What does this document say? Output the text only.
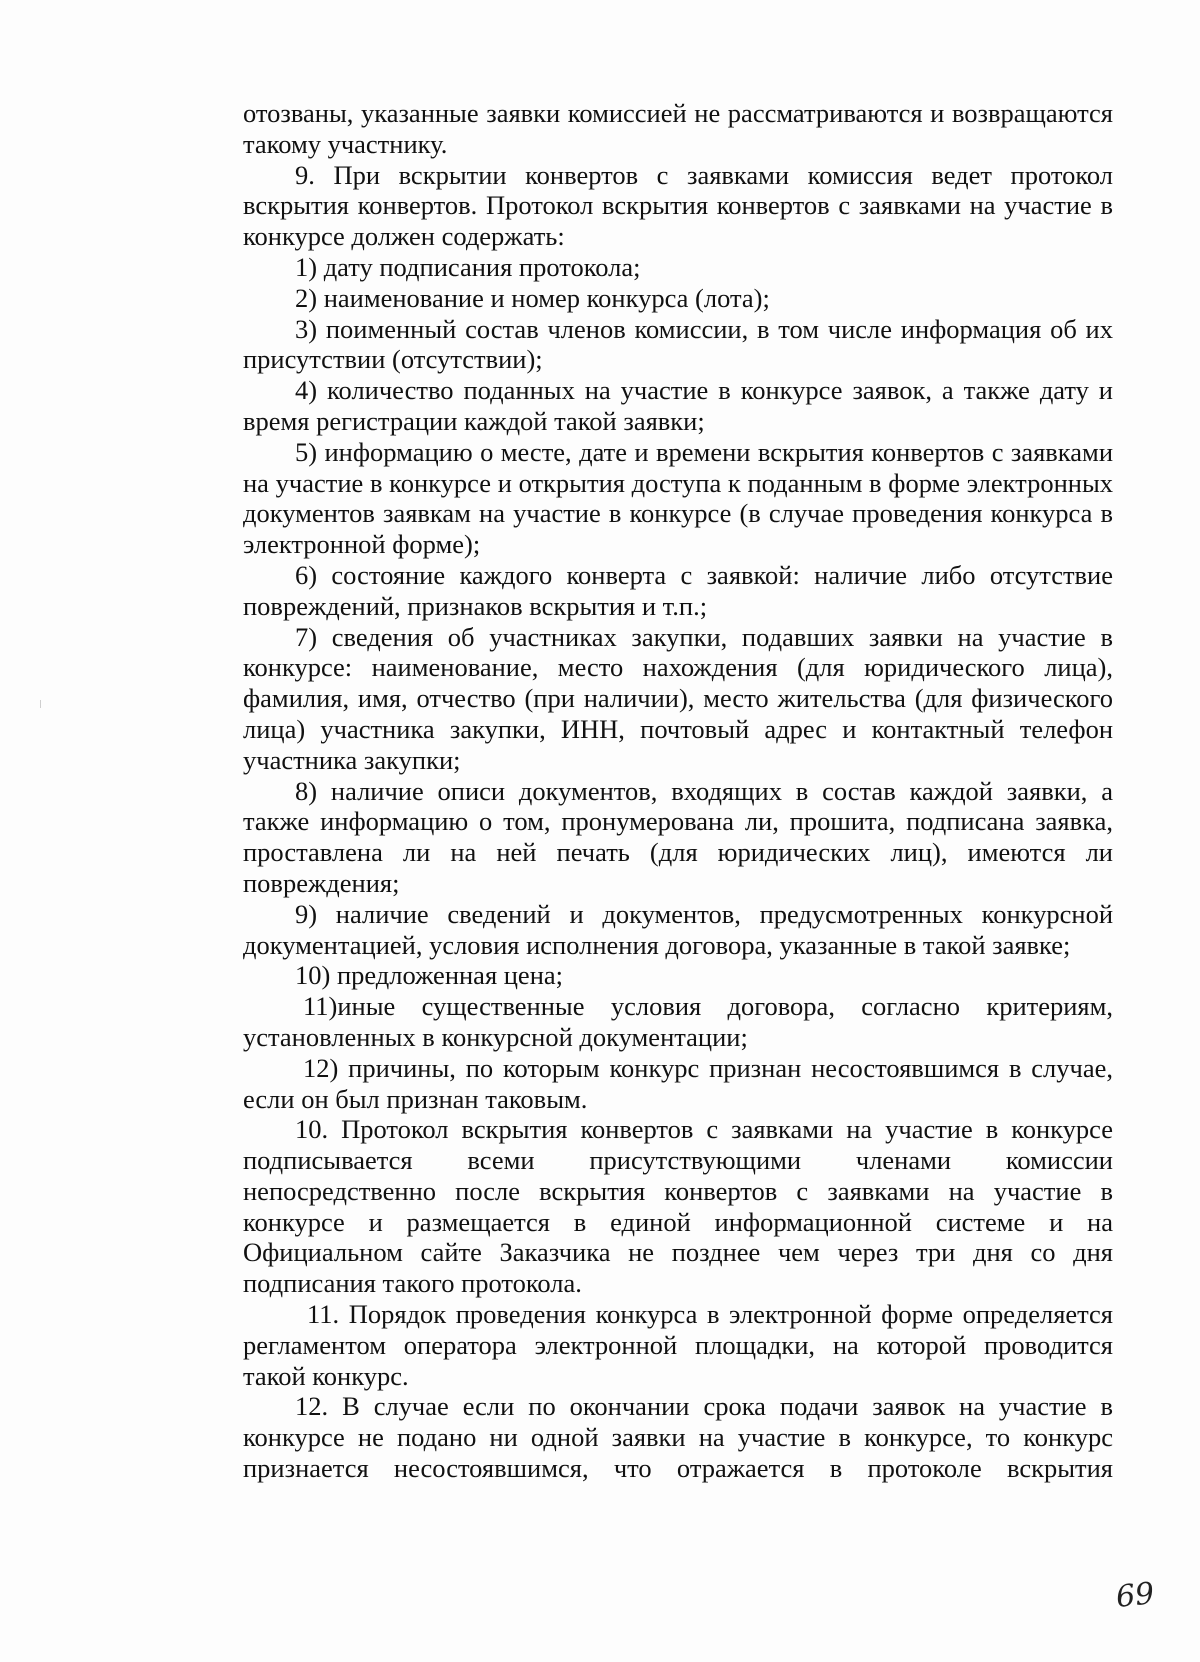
отозваны, указанные заявки комиссией не рассматриваются и возвращаются такому участнику.

9. При вскрытии конвертов с заявками комиссия ведет протокол вскрытия конвертов. Протокол вскрытия конвертов с заявками на участие в конкурсе должен содержать:

1) дату подписания протокола;

2) наименование и номер конкурса (лота);

3) поименный состав членов комиссии, в том числе информация об их присутствии (отсутствии);

4) количество поданных на участие в конкурсе заявок, а также дату и время регистрации каждой такой заявки;

5) информацию о месте, дате и времени вскрытия конвертов с заявками на участие в конкурсе и открытия доступа к поданным в форме электронных документов заявкам на участие в конкурсе (в случае проведения конкурса в электронной форме);

6) состояние каждого конверта с заявкой: наличие либо отсутствие повреждений, признаков вскрытия и т.п.;

7) сведения об участниках закупки, подавших заявки на участие в конкурсе: наименование, место нахождения (для юридического лица), фамилия, имя, отчество (при наличии), место жительства (для физического лица) участника закупки, ИНН, почтовый адрес и контактный телефон участника закупки;

8) наличие описи документов, входящих в состав каждой заявки, а также информацию о том, пронумерована ли, прошита, подписана заявка, проставлена ли на ней печать (для юридических лиц), имеются ли повреждения;

9) наличие сведений и документов, предусмотренных конкурсной документацией, условия исполнения договора, указанные в такой заявке;

10) предложенная цена;

11)иные существенные условия договора, согласно критериям, установленных в конкурсной документации;

12) причины, по которым конкурс признан несостоявшимся в случае, если он был признан таковым.

10. Протокол вскрытия конвертов с заявками на участие в конкурсе подписывается всеми присутствующими членами комиссии непосредственно после вскрытия конвертов с заявками на участие в конкурсе и размещается в единой информационной системе и на Официальном сайте Заказчика не позднее чем через три дня со дня подписания такого протокола.

11. Порядок проведения конкурса в электронной форме определяется регламентом оператора электронной площадки, на которой проводится такой конкурс.

12. В случае если по окончании срока подачи заявок на участие в конкурсе не подано ни одной заявки на участие в конкурсе, то конкурс признается несостоявшимся, что отражается в протоколе вскрытия

69
